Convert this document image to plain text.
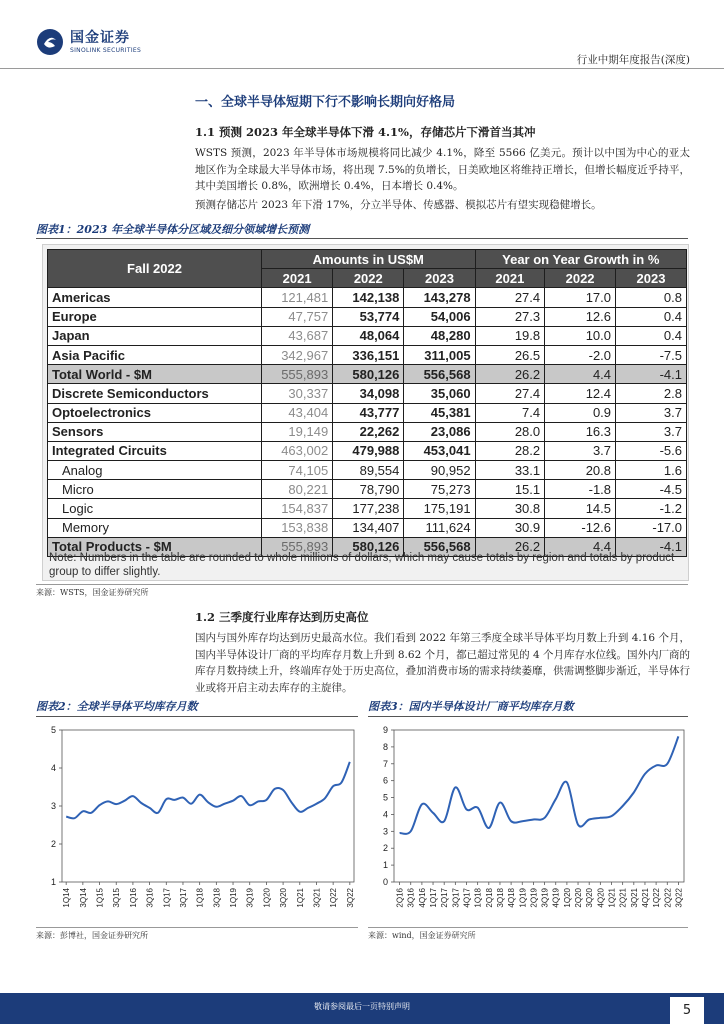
国金证券
SINOLINK SECURITIES
行业中期年度报告(深度)
一、全球半导体短期下行不影响长期向好格局
1.1 预测 2023 年全球半导体下滑 4.1%，存储芯片下滑首当其冲

WSTS 预测，2023 年半导体市场规模将同比减少 4.1%，降至 5566 亿美元。预计以中国为中心的亚太地区作为全球最大半导体市场，将出现 7.5%的负增长，日美欧地区将维持正增长，但增长幅度近乎持平，其中美国增长 0.8%，欧洲增长 0.4%，日本增长 0.4%。

预测存储芯片 2023 年下滑 17%，分立半导体、传感器、模拟芯片有望实现稳健增长。

图表1：2023 年全球半导体分区域及细分领域增长预测
Fall 2022	Amounts in US$M			Year on Year Growth in %		
	2021	2022	2023	2021	2022	2023
Americas	121,481	142,138	143,278	27.4	17.0	0.8
Europe	47,757	53,774	54,006	27.3	12.6	0.4
Japan	43,687	48,064	48,280	19.8	10.0	0.4
Asia Pacific	342,967	336,151	311,005	26.5	-2.0	-7.5
Total World - $M	555,893	580,126	556,568	26.2	4.4	-4.1
Discrete Semiconductors	30,337	34,098	35,060	27.4	12.4	2.8
Optoelectronics	43,404	43,777	45,381	7.4	0.9	3.7
Sensors	19,149	22,262	23,086	28.0	16.3	3.7
Integrated Circuits	463,002	479,988	453,041	28.2	3.7	-5.6
Analog	74,105	89,554	90,952	33.1	20.8	1.6
Micro	80,221	78,790	75,273	15.1	-1.8	-4.5
Logic	154,837	177,238	175,191	30.8	14.5	-1.2
Memory	153,838	134,407	111,624	30.9	-12.6	-17.0
Total Products - $M	555,893	580,126	556,568	26.2	4.4	-4.1
Note: Numbers in the table are rounded to whole millions of dollars, which may cause totals by region and totals by product group to differ slightly.
来源：WSTS，国金证券研究所
1.2 三季度行业库存达到历史高位

国内与国外库存均达到历史最高水位。我们看到 2022 年第三季度全球半导体平均月数上升到 4.16 个月，国内半导体设计厂商的平均库存月数上升到 8.62 个月，都已超过常见的 4 个月库存水位线。国外内厂商的库存月数持续上升，终端库存处于历史高位，叠加消费市场的需求持续萎靡，供需调整脚步渐近，半导体行业或将开启主动去库存的主旋律。

图表2：全球半导体平均库存月数	图表3：国内半导体设计厂商平均库存月数
1
2
3
4
5
1Q14 3Q14 1Q15 3Q15 1Q16 3Q16 1Q17 3Q17 1Q18 3Q18 1Q19 3Q19 1Q20 3Q20 1Q21 3Q21 1Q22 3Q22
0
1
2
3
4
5
6
7
8
9
2Q16 3Q16 4Q16 1Q17 2Q17 3Q17 4Q17 1Q18 2Q18 3Q18 4Q18 1Q19 2Q19 3Q19 4Q19 1Q20 2Q20 3Q20 4Q20 1Q21 2Q21 3Q21 4Q21 1Q22 2Q22 3Q22
来源：彭博社，国金证券研究所	来源：wind，国金证券研究所
敬请参阅最后一页特别声明	5
